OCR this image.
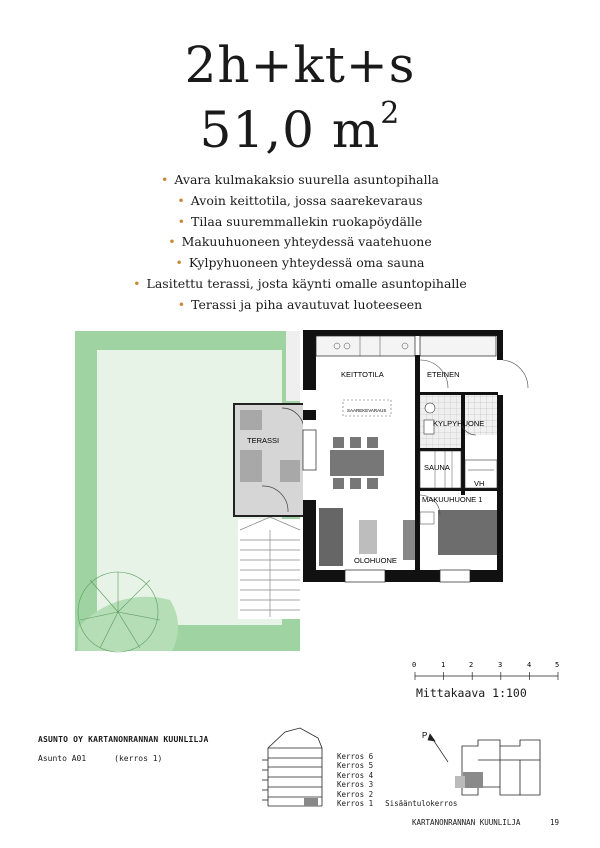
2h+kt+s
51,0 $m^2$
• Avara kulmakaksio suurella asuntopihalla
• Avoin keittotila, jossa saarekevaraus
• Tilaa suuremmallekin ruokapöydälle
• Makuuhuoneen yhteydessä vaatehuone
• Kylpyhuoneen yhteydessä oma sauna
• Lasitettu terassi, josta käynti omalle asuntopihalle
• Terassi ja piha avautuvat luoteeseen
KEITTOTILA	ETEINEN
SAAREKEVARAUS
TERASSI
KYLPYHUONE
SAUNA
VH
MAKUUHUONE 1
OLOHUONE
0	1	2	3	4	5
P
Mittakaava 1:100
ASUNTO OY KARTANONRANNAN KUUNLILJA
Asunto A01	(kerros 1)	Kerros 6
Kerros 5
Kerros 4
Kerros 3
Kerros 2
Kerros 1 Sisääntulokerros
KARTANONRANNAN KUUNLILJA	19
